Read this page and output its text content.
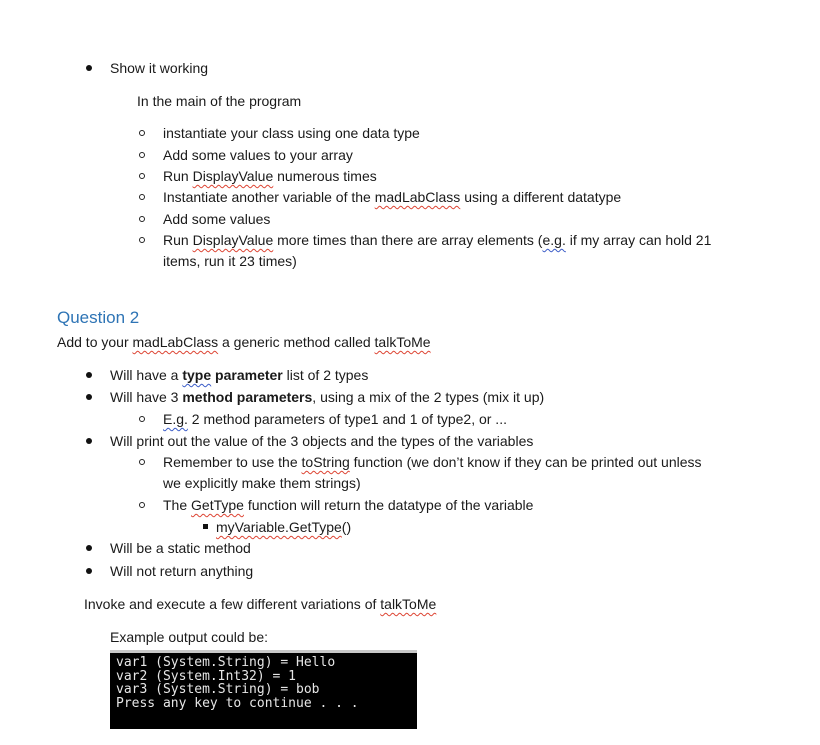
Show it working
In the main of the program
instantiate your class using one data type
Add some values to your array
Run DisplayValue numerous times
Instantiate another variable of the madLabClass using a different datatype
Add some values
Run DisplayValue more times than there are array elements (e.g. if my array can hold 21
items, run it 23 times)
Question 2
Add to your madLabClass a generic method called talkToMe
Will have a type parameter list of 2 types
Will have 3 method parameters, using a mix of the 2 types (mix it up)
E.g. 2 method parameters of type1 and 1 of type2, or ...
Will print out the value of the 3 objects and the types of the variables
Remember to use the toString function (we don’t know if they can be printed out unless
we explicitly make them strings)
The GetType function will return the datatype of the variable
myVariable.GetType()
Will be a static method
Will not return anything
Invoke and execute a few different variations of talkToMe
Example output could be:
var1 (System.String) = Hello
var2 (System.Int32) = 1
var3 (System.String) = bob
Press any key to continue . . .
